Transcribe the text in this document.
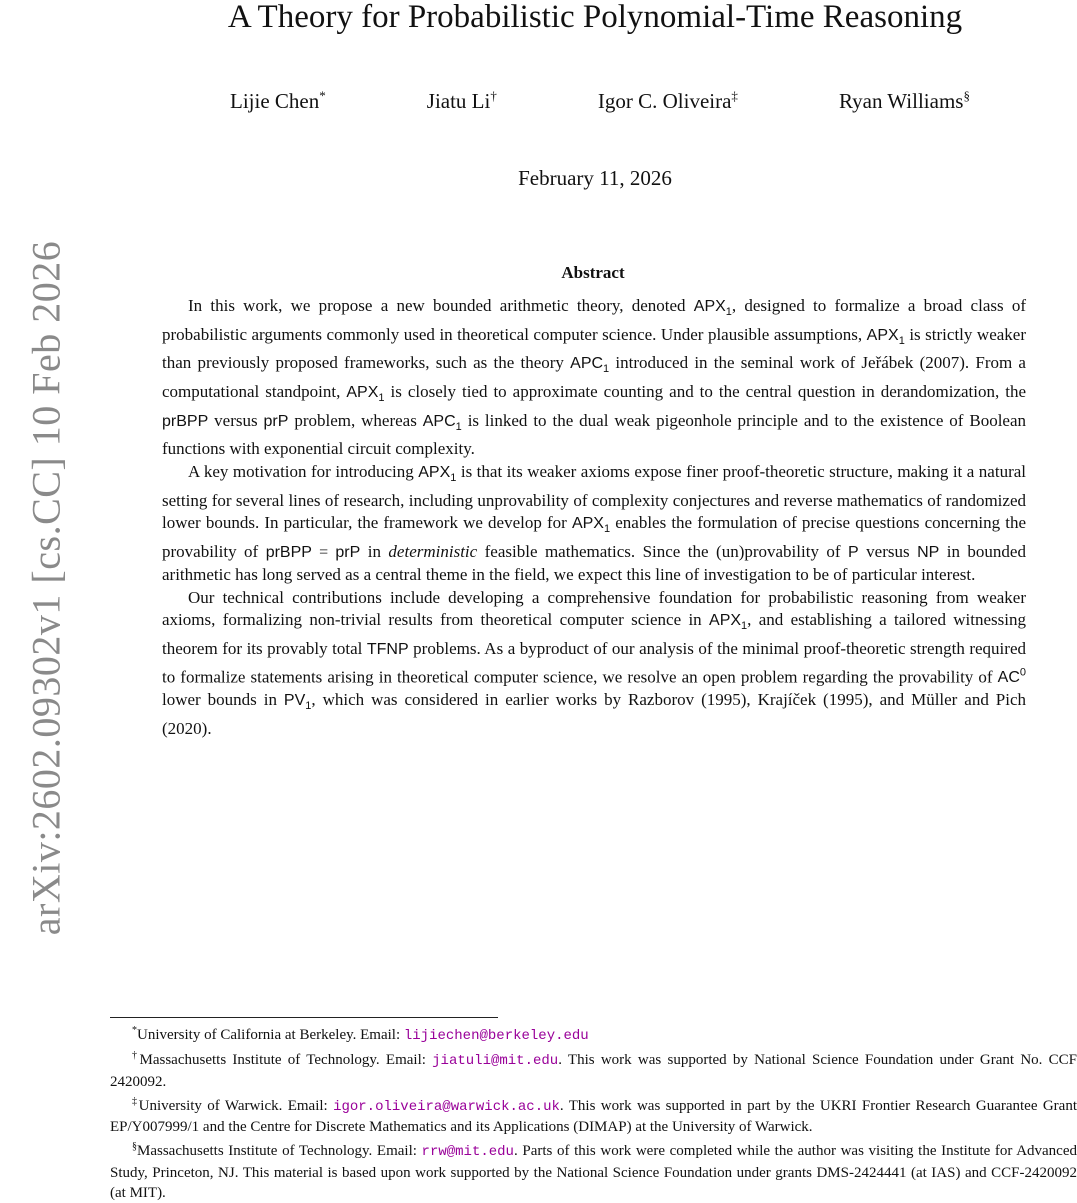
A Theory for Probabilistic Polynomial-Time Reasoning
Lijie Chen*	Jiatu Li†	Igor C. Oliveira‡	Ryan Williams§
February 11, 2026
arXiv:2602.09302v1 [cs.CC] 10 Feb 2026	Abstract

In this work, we propose a new bounded arithmetic theory, denoted $APX_1$, designed to formalize a broad class of probabilistic arguments commonly used in theoretical computer science. Under plausible assumptions, $APX_1$ is strictly weaker than previously proposed frameworks, such as the theory $APC_1$ introduced in the seminal work of Jeřábek (2007). From a computational standpoint, $APX_1$ is closely tied to approximate counting and to the central question in derandomization, the prBPP versus prP problem, whereas $APC_1$ is linked to the dual weak pigeonhole principle and to the existence of Boolean functions with exponential circuit complexity.

A key motivation for introducing $APX_1$ is that its weaker axioms expose finer proof-theoretic structure, making it a natural setting for several lines of research, including unprovability of complexity conjectures and reverse mathematics of randomized lower bounds. In particular, the framework we develop for $APX_1$ enables the formulation of precise questions concerning the provability of prBPP = prP in deterministic feasible mathematics. Since the (un)provability of P versus NP in bounded arithmetic has long served as a central theme in the field, we expect this line of investigation to be of particular interest.

Our technical contributions include developing a comprehensive foundation for probabilistic reasoning from weaker axioms, formalizing non-trivial results from theoretical computer science in $APX_1$, and establishing a tailored witnessing theorem for its provably total TFNP problems. As a byproduct of our analysis of the minimal proof-theoretic strength required to formalize statements arising in theoretical computer science, we resolve an open problem regarding the provability of $AC^0$ lower bounds in $PV_1$, which was considered in earlier works by Razborov (1995), Krajíček (1995), and Müller and Pich (2020).

*University of California at Berkeley. Email: lijiechen@berkeley.edu

†Massachusetts Institute of Technology. Email: jiatuli@mit.edu. This work was supported by National Science Foundation under Grant No. CCF 2420092.

‡University of Warwick. Email: igor.oliveira@warwick.ac.uk. This work was supported in part by the UKRI Frontier Research Guarantee Grant EP/Y007999/1 and the Centre for Discrete Mathematics and its Applications (DIMAP) at the University of Warwick.

§Massachusetts Institute of Technology. Email: rrw@mit.edu. Parts of this work were completed while the author was visiting the Institute for Advanced Study, Princeton, NJ. This material is based upon work supported by the National Science Foundation under grants DMS-2424441 (at IAS) and CCF-2420092 (at MIT).
